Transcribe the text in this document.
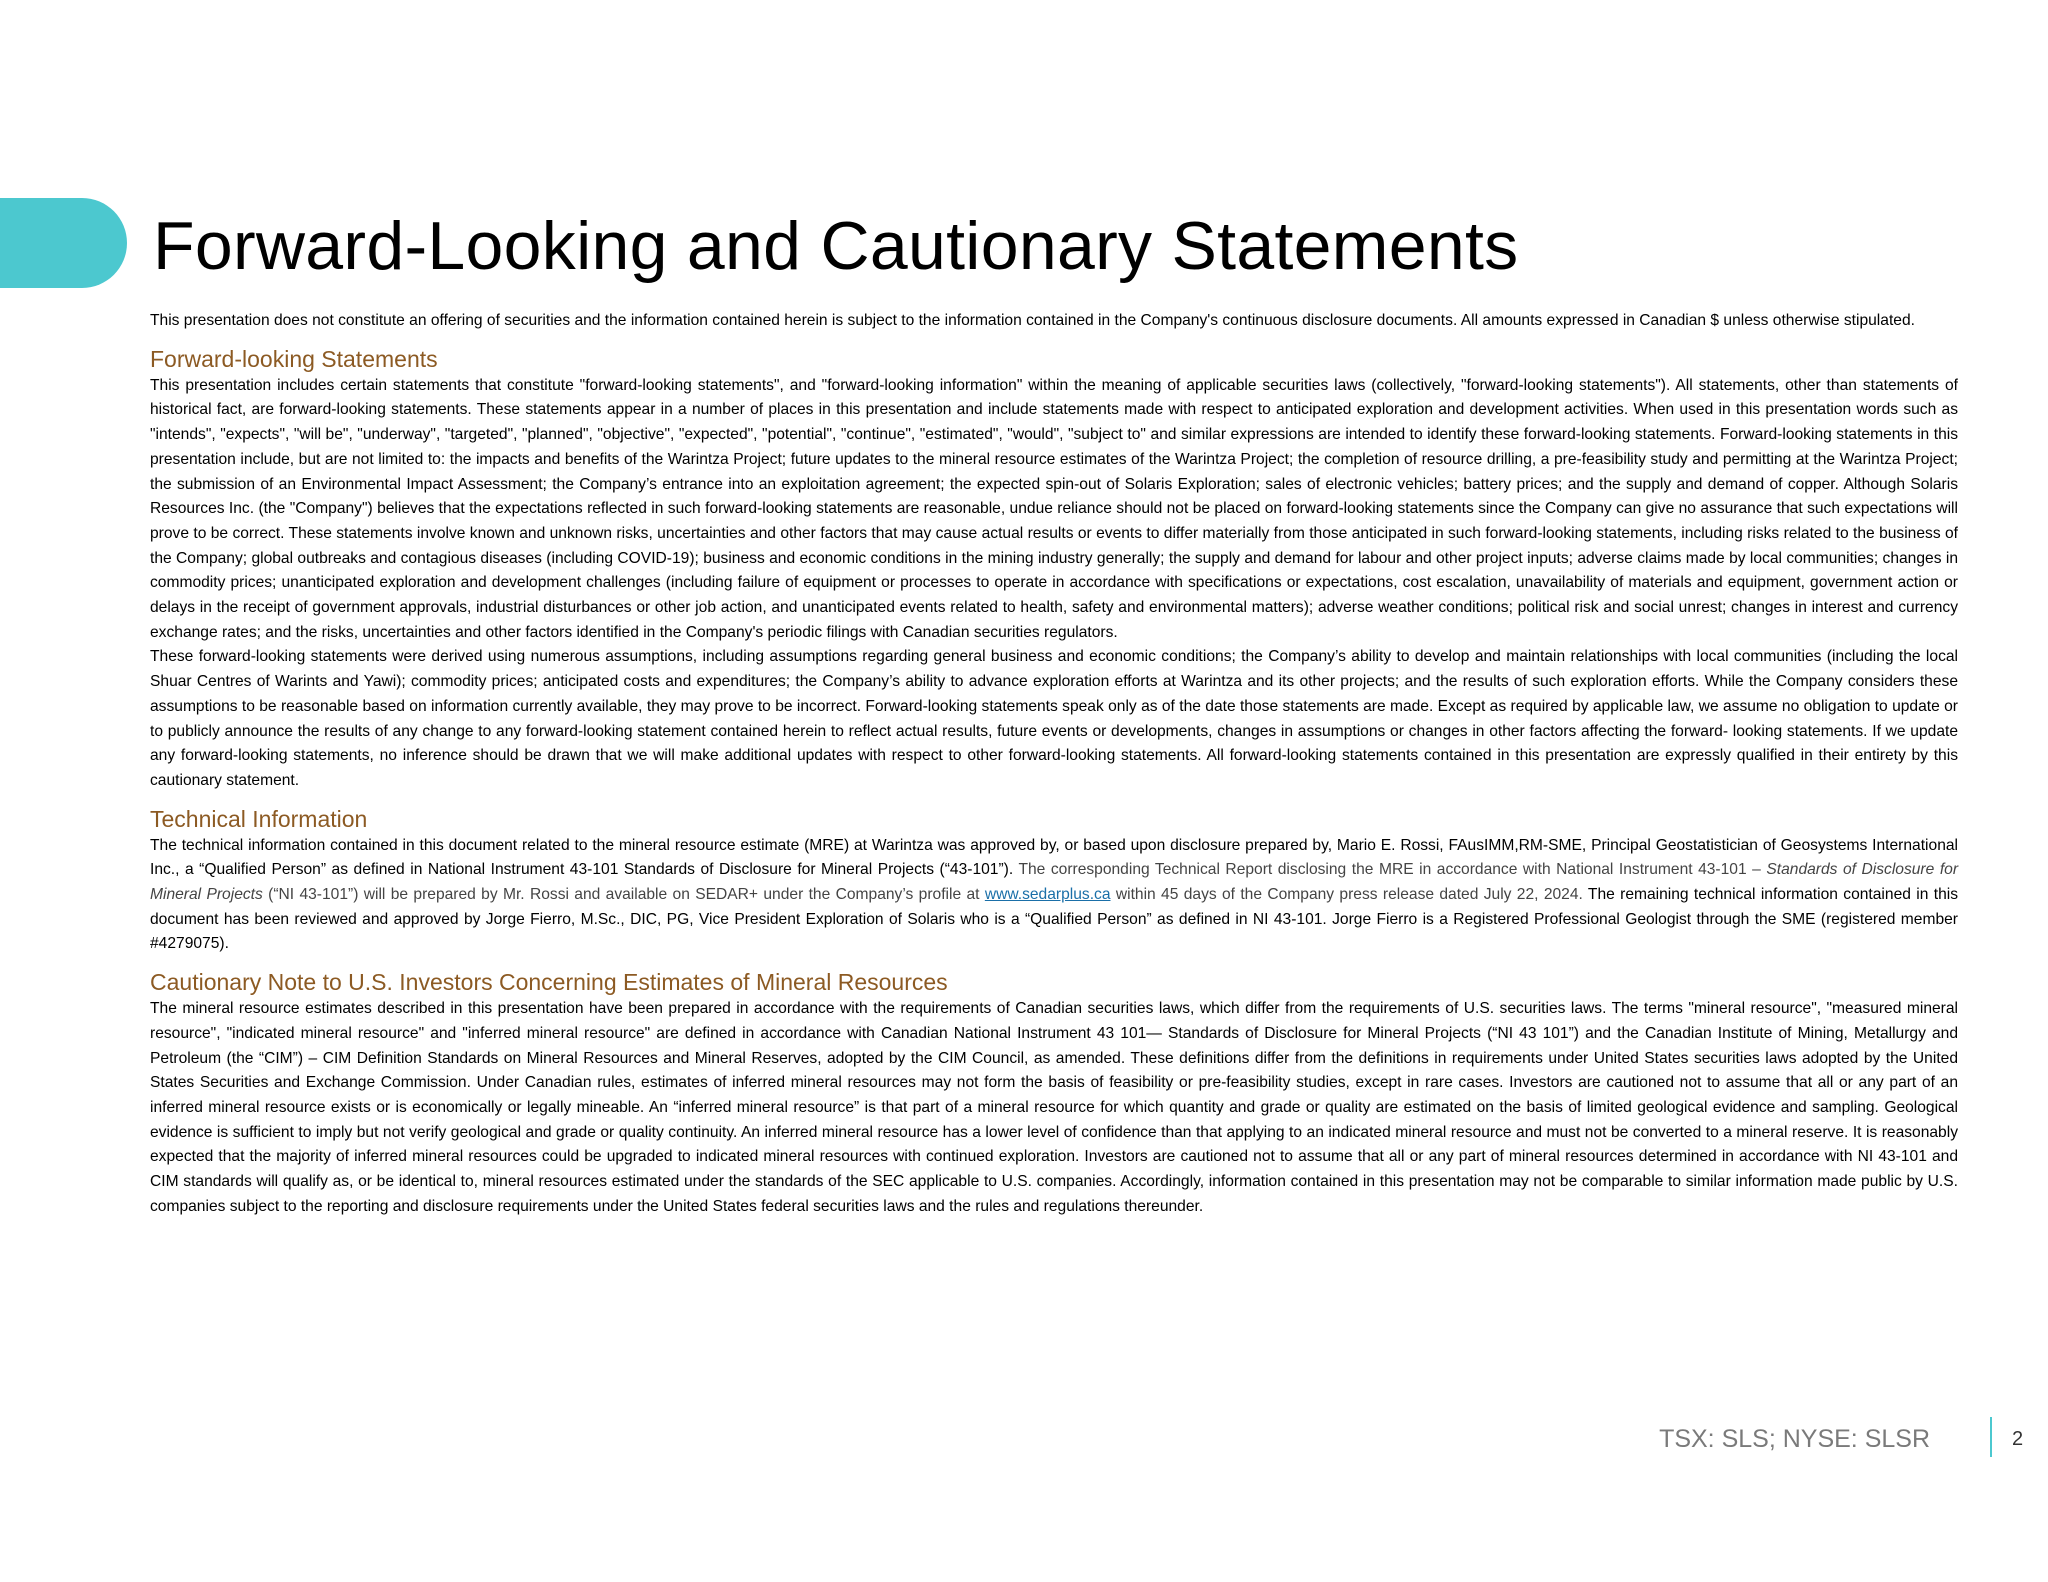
Forward-Looking and Cautionary Statements

This presentation does not constitute an offering of securities and the information contained herein is subject to the information contained in the Company's continuous disclosure documents. All amounts expressed in Canadian $ unless otherwise stipulated.

Forward-looking Statements

This presentation includes certain statements that constitute "forward-looking statements", and "forward-looking information" within the meaning of applicable securities laws (collectively, "forward-looking statements"). All statements, other than statements of historical fact, are forward-looking statements. These statements appear in a number of places in this presentation and include statements made with respect to anticipated exploration and development activities. When used in this presentation words such as "intends", "expects", "will be", "underway", "targeted", "planned", "objective", "expected", "potential", "continue", "estimated", "would", "subject to" and similar expressions are intended to identify these forward-looking statements. Forward-looking statements in this presentation include, but are not limited to: the impacts and benefits of the Warintza Project; future updates to the mineral resource estimates of the Warintza Project; the completion of resource drilling, a pre-feasibility study and permitting at the Warintza Project; the submission of an Environmental Impact Assessment; the Company’s entrance into an exploitation agreement; the expected spin-out of Solaris Exploration; sales of electronic vehicles; battery prices; and the supply and demand of copper. Although Solaris Resources Inc. (the "Company") believes that the expectations reflected in such forward-looking statements are reasonable, undue reliance should not be placed on forward-looking statements since the Company can give no assurance that such expectations will prove to be correct. These statements involve known and unknown risks, uncertainties and other factors that may cause actual results or events to differ materially from those anticipated in such forward-looking statements, including risks related to the business of the Company; global outbreaks and contagious diseases (including COVID-19); business and economic conditions in the mining industry generally; the supply and demand for labour and other project inputs; adverse claims made by local communities; changes in commodity prices; unanticipated exploration and development challenges (including failure of equipment or processes to operate in accordance with specifications or expectations, cost escalation, unavailability of materials and equipment, government action or delays in the receipt of government approvals, industrial disturbances or other job action, and unanticipated events related to health, safety and environmental matters); adverse weather conditions; political risk and social unrest; changes in interest and currency exchange rates; and the risks, uncertainties and other factors identified in the Company's periodic filings with Canadian securities regulators.

These forward-looking statements were derived using numerous assumptions, including assumptions regarding general business and economic conditions; the Company’s ability to develop and maintain relationships with local communities (including the local Shuar Centres of Warints and Yawi); commodity prices; anticipated costs and expenditures; the Company’s ability to advance exploration efforts at Warintza and its other projects; and the results of such exploration efforts. While the Company considers these assumptions to be reasonable based on information currently available, they may prove to be incorrect. Forward-looking statements speak only as of the date those statements are made. Except as required by applicable law, we assume no obligation to update or to publicly announce the results of any change to any forward-looking statement contained herein to reflect actual results, future events or developments, changes in assumptions or changes in other factors affecting the forward- looking statements. If we update any forward-looking statements, no inference should be drawn that we will make additional updates with respect to other forward-looking statements. All forward-looking statements contained in this presentation are expressly qualified in their entirety by this cautionary statement.

Technical Information

The technical information contained in this document related to the mineral resource estimate (MRE) at Warintza was approved by, or based upon disclosure prepared by, Mario E. Rossi, FAusIMM,RM-SME, Principal Geostatistician of Geosystems International Inc., a “Qualified Person” as defined in National Instrument 43-101 Standards of Disclosure for Mineral Projects (“43-101”). The corresponding Technical Report disclosing the MRE in accordance with National Instrument 43-101 – Standards of Disclosure for Mineral Projects (“NI 43-101”) will be prepared by Mr. Rossi and available on SEDAR+ under the Company’s profile at www.sedarplus.ca within 45 days of the Company press release dated July 22, 2024. The remaining technical information contained in this document has been reviewed and approved by Jorge Fierro, M.Sc., DIC, PG, Vice President Exploration of Solaris who is a “Qualified Person” as defined in NI 43-101. Jorge Fierro is a Registered Professional Geologist through the SME (registered member #4279075).

Cautionary Note to U.S. Investors Concerning Estimates of Mineral Resources

The mineral resource estimates described in this presentation have been prepared in accordance with the requirements of Canadian securities laws, which differ from the requirements of U.S. securities laws. The terms "mineral resource", "measured mineral resource", "indicated mineral resource" and "inferred mineral resource" are defined in accordance with Canadian National Instrument 43 101— Standards of Disclosure for Mineral Projects (“NI 43 101”) and the Canadian Institute of Mining, Metallurgy and Petroleum (the “CIM”) – CIM Definition Standards on Mineral Resources and Mineral Reserves, adopted by the CIM Council, as amended. These definitions differ from the definitions in requirements under United States securities laws adopted by the United States Securities and Exchange Commission. Under Canadian rules, estimates of inferred mineral resources may not form the basis of feasibility or pre-feasibility studies, except in rare cases. Investors are cautioned not to assume that all or any part of an inferred mineral resource exists or is economically or legally mineable. An “inferred mineral resource” is that part of a mineral resource for which quantity and grade or quality are estimated on the basis of limited geological evidence and sampling. Geological evidence is sufficient to imply but not verify geological and grade or quality continuity. An inferred mineral resource has a lower level of confidence than that applying to an indicated mineral resource and must not be converted to a mineral reserve. It is reasonably expected that the majority of inferred mineral resources could be upgraded to indicated mineral resources with continued exploration. Investors are cautioned not to assume that all or any part of mineral resources determined in accordance with NI 43-101 and CIM standards will qualify as, or be identical to, mineral resources estimated under the standards of the SEC applicable to U.S. companies. Accordingly, information contained in this presentation may not be comparable to similar information made public by U.S. companies subject to the reporting and disclosure requirements under the United States federal securities laws and the rules and regulations thereunder.

TSX: SLS; NYSE: SLSR	2
